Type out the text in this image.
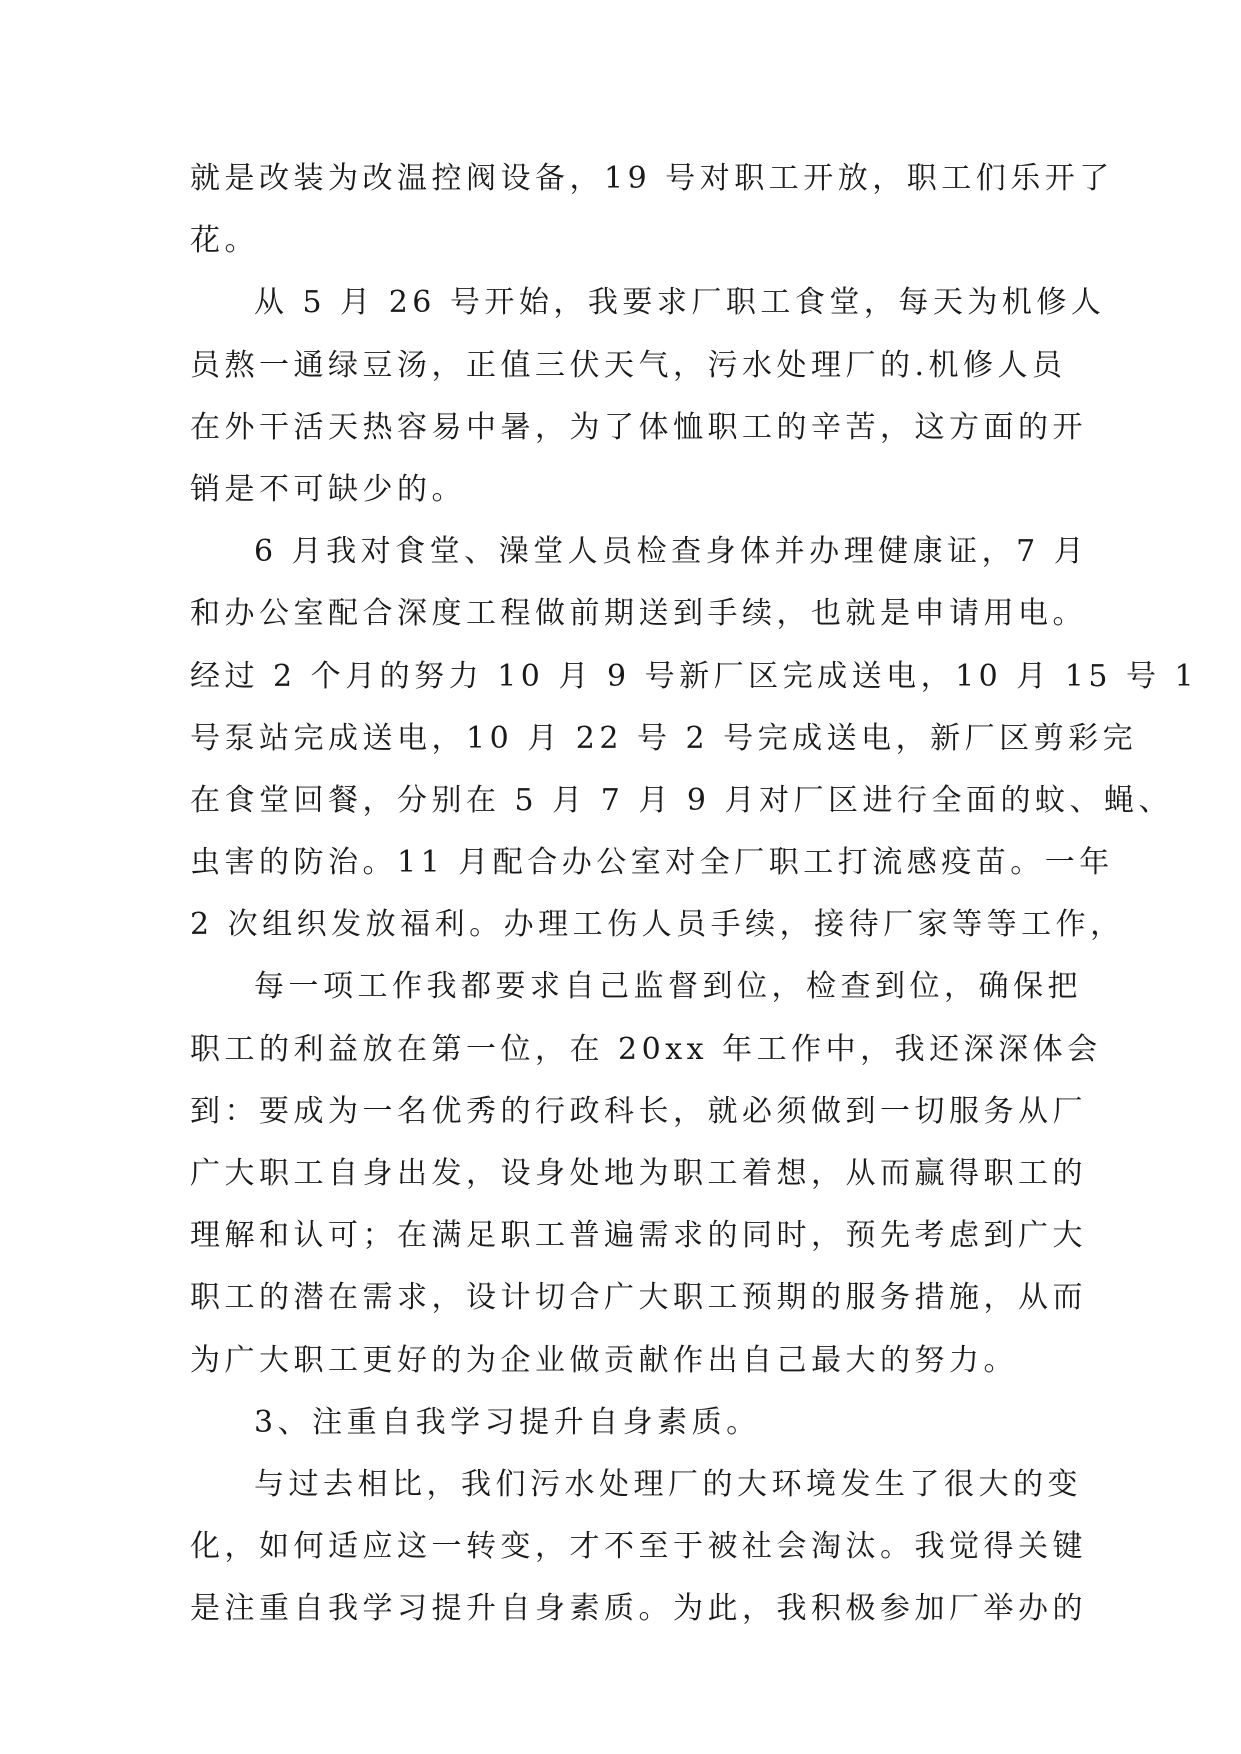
就是改装为改温控阀设备，19 号对职工开放，职工们乐开了
花。
从 5 月 26 号开始，我要求厂职工食堂，每天为机修人
员熬一通绿豆汤，正值三伏天气，污水处理厂的.机修人员
在外干活天热容易中暑，为了体恤职工的辛苦，这方面的开
销是不可缺少的。
6 月我对食堂、澡堂人员检查身体并办理健康证，7 月
和办公室配合深度工程做前期送到手续，也就是申请用电。
经过 2 个月的努力 10 月 9 号新厂区完成送电，10 月 15 号 1
号泵站完成送电，10 月 22 号 2 号完成送电，新厂区剪彩完
在食堂回餐，分别在 5 月 7 月 9 月对厂区进行全面的蚊、蝇、
虫害的防治。11 月配合办公室对全厂职工打流感疫苗。一年
2 次组织发放福利。办理工伤人员手续，接待厂家等等工作，
每一项工作我都要求自己监督到位，检查到位，确保把
职工的利益放在第一位，在 20xx 年工作中，我还深深体会
到：要成为一名优秀的行政科长，就必须做到一切服务从厂
广大职工自身出发，设身处地为职工着想，从而赢得职工的
理解和认可；在满足职工普遍需求的同时，预先考虑到广大
职工的潜在需求，设计切合广大职工预期的服务措施，从而
为广大职工更好的为企业做贡献作出自己最大的努力。
3、注重自我学习提升自身素质。
与过去相比，我们污水处理厂的大环境发生了很大的变
化，如何适应这一转变，才不至于被社会淘汰。我觉得关键
是注重自我学习提升自身素质。为此，我积极参加厂举办的
